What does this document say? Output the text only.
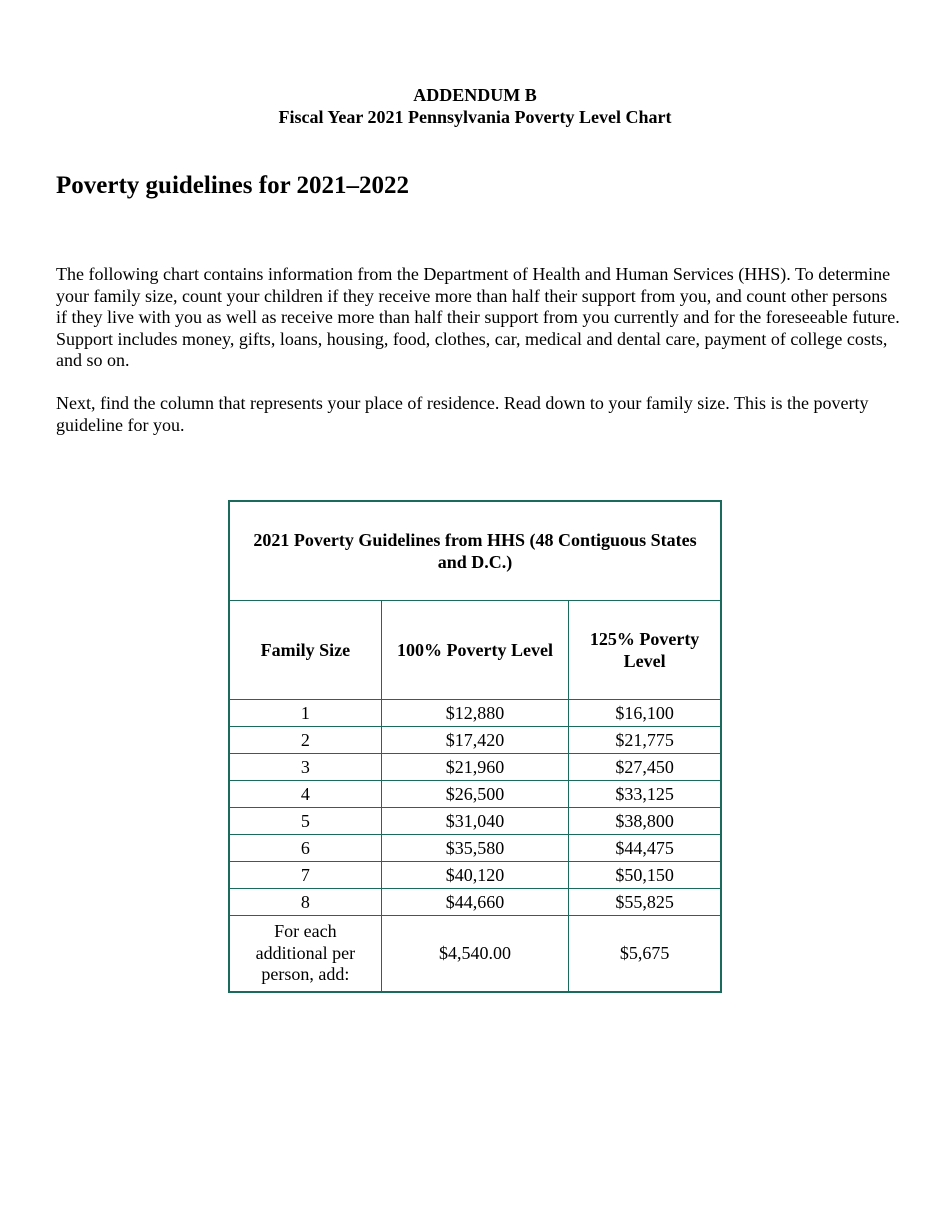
ADDENDUM B
Fiscal Year 2021 Pennsylvania Poverty Level Chart
Poverty guidelines for 2021–2022

The following chart contains information from the Department of Health and Human Services (HHS). To determine your family size, count your children if they receive more than half their support from you, and count other persons if they live with you as well as receive more than half their support from you currently and for the foreseeable future. Support includes money, gifts, loans, housing, food, clothes, car, medical and dental care, payment of college costs, and so on.

Next, find the column that represents your place of residence. Read down to your family size. This is the poverty guideline for you.

2021 Poverty Guidelines from HHS (48 Contiguous States and D.C.)		
Family Size	100% Poverty Level	125% Poverty Level
1	$12,880	$16,100
2	$17,420	$21,775
3	$21,960	$27,450
4	$26,500	$33,125
5	$31,040	$38,800
6	$35,580	$44,475
7	$40,120	$50,150
8	$44,660	$55,825
For each additional per person, add:	$4,540.00	$5,675
